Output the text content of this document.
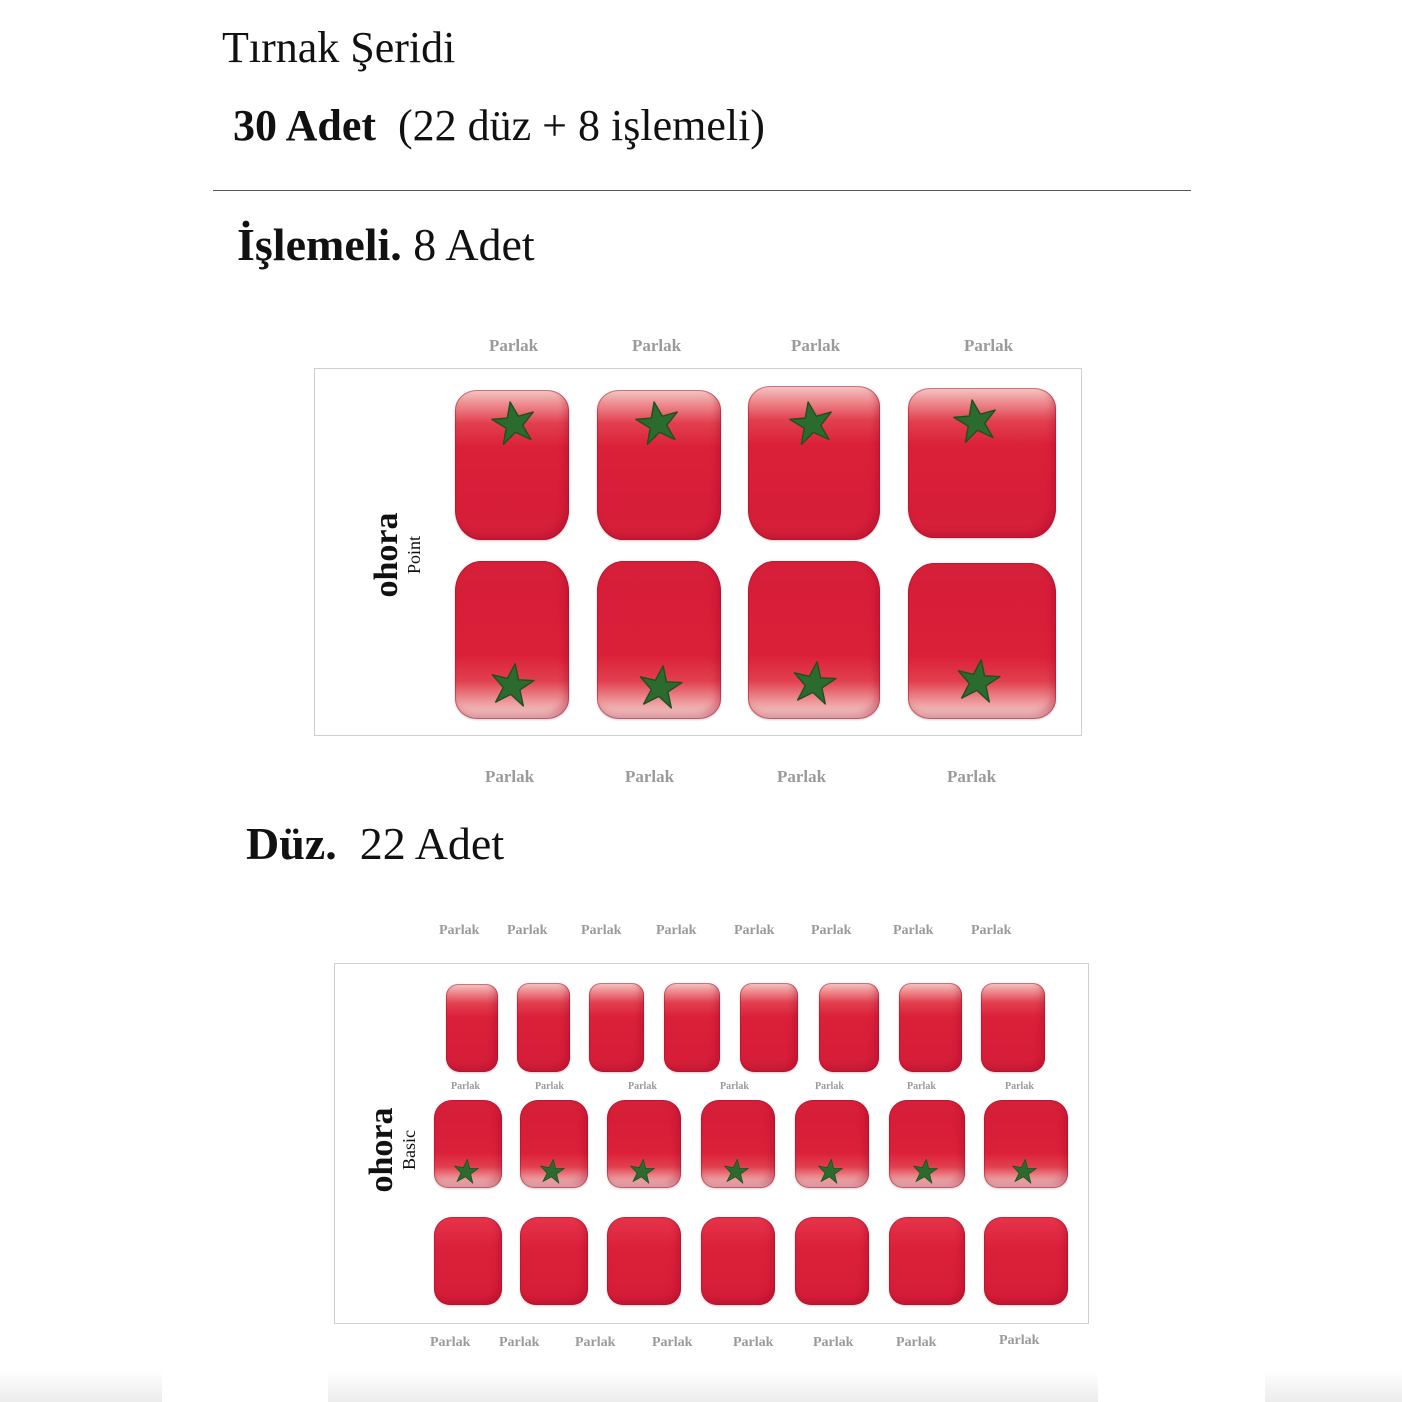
Tırnak Şeridi
30 Adet (22 düz + 8 işlemeli)
İşlemeli. 8 Adet
Parlak	Parlak	Parlak	Parlak
ohora Point
Parlak	Parlak	Parlak	Parlak
Düz. 22 Adet
Parlak Parlak Parlak Parlak	Parlak	Parlak	Parlak	Parlak
ohora Basic
Parlak	Parlak	Parlak	Parlak	Parlak	Parlak	Parlak
Parlak Parlak	Parlak	Parlak	Parlak	Parlak	Parlak	Parlak
